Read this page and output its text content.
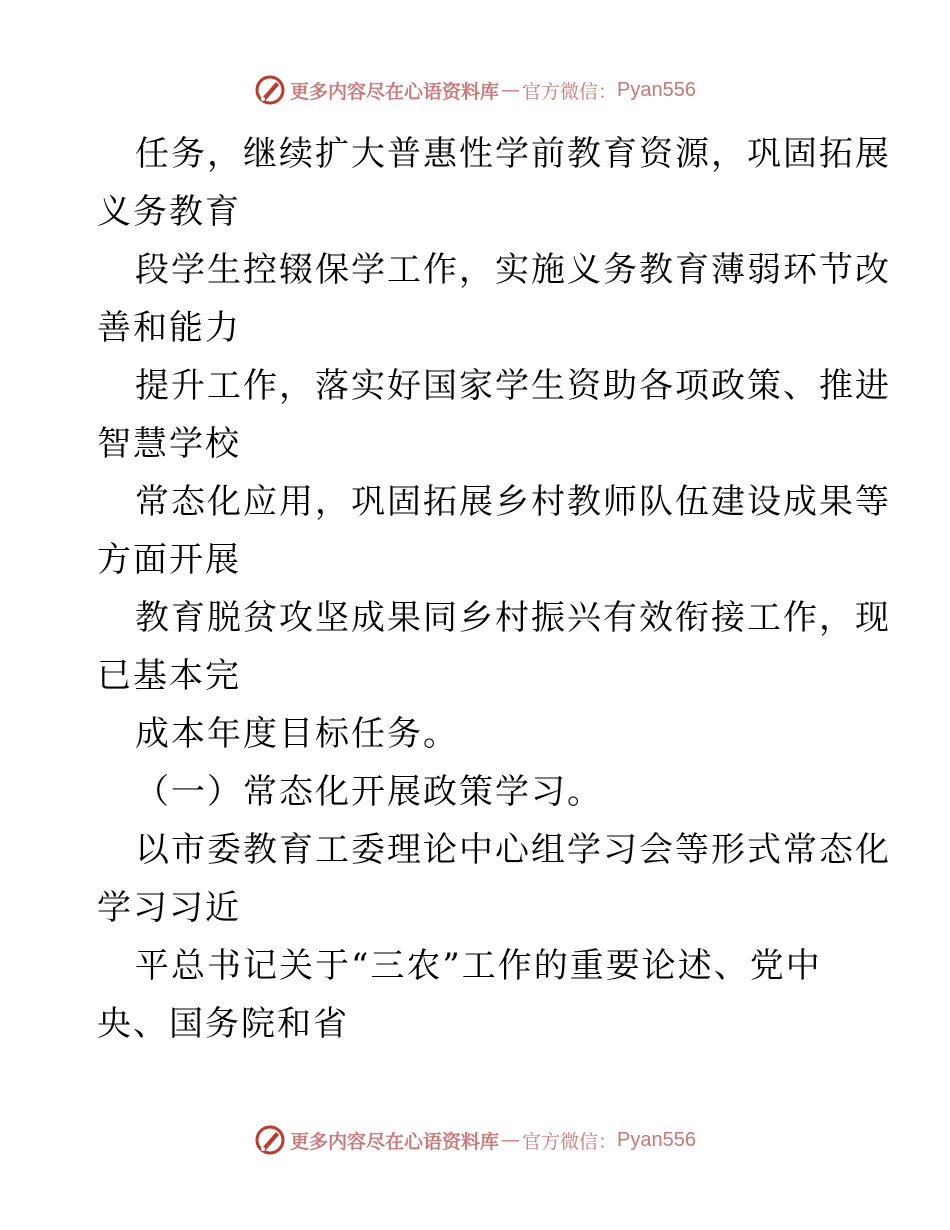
更多内容尽在心语资料库 — 官方微信： Pyan556
任务，继续扩大普惠性学前教育资源，巩固拓展
义务教育
段学生控辍保学工作，实施义务教育薄弱环节改
善和能力
提升工作，落实好国家学生资助各项政策、推进
智慧学校
常态化应用，巩固拓展乡村教师队伍建设成果等
方面开展
教育脱贫攻坚成果同乡村振兴有效衔接工作，现
已基本完
成本年度目标任务。
（一）常态化开展政策学习。
以市委教育工委理论中心组学习会等形式常态化
学习习近
平总书记关于“三农”工作的重要论述、党中
央、国务院和省
更多内容尽在心语资料库 — 官方微信： Pyan556
